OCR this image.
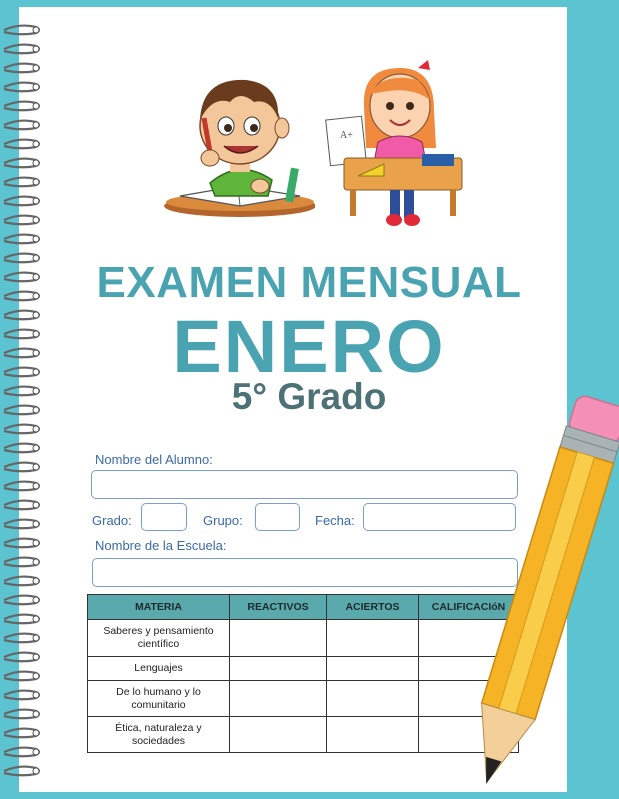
A+
EXAMEN MENSUAL
ENERO
5° Grado
Nombre del Alumno:
Grado:	Grupo:	Fecha:
Nombre de la Escuela:
MATERIA	REACTIVOS	ACIERTOS	CALIFICACIóN
Saberes y pensamiento científico			
Lenguajes			
De lo humano y lo comunitario			
Ética, naturaleza y sociedades			
